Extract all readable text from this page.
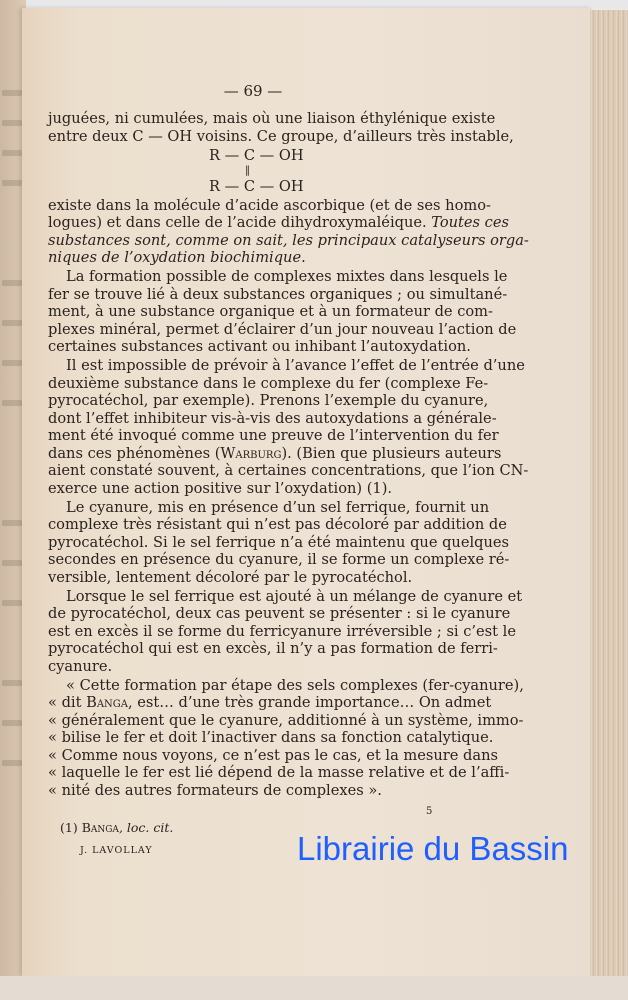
— 69 —
juguées, ni cumulées, mais où une liaison éthylénique existe
entre deux C — OH voisins. Ce groupe, d’ailleurs très instable,
R — C — OH
‖
R — C — OH
existe dans la molécule d’acide ascorbique (et de ses homo-
logues) et dans celle de l’acide dihydroxymaléique. Toutes ces
substances sont, comme on sait, les principaux catalyseurs orga-
niques de l’oxydation biochimique.
La formation possible de complexes mixtes dans lesquels le
fer se trouve lié à deux substances organiques ; ou simultané-
ment, à une substance organique et à un formateur de com-
plexes minéral, permet d’éclairer d’un jour nouveau l’action de
certaines substances activant ou inhibant l’autoxydation.
Il est impossible de prévoir à l’avance l’effet de l’entrée d’une
deuxième substance dans le complexe du fer (complexe Fe-
pyrocatéchol, par exemple). Prenons l’exemple du cyanure,
dont l’effet inhibiteur vis-à-vis des autoxydations a générale-
ment été invoqué comme une preuve de l’intervention du fer
dans ces phénomènes (Warburg). (Bien que plusieurs auteurs
aient constaté souvent, à certaines concentrations, que l’ion CN-
exerce une action positive sur l’oxydation) (1).
Le cyanure, mis en présence d’un sel ferrique, fournit un
complexe très résistant qui n’est pas décoloré par addition de
pyrocatéchol. Si le sel ferrique n’a été maintenu que quelques
secondes en présence du cyanure, il se forme un complexe ré-
versible, lentement décoloré par le pyrocatéchol.
Lorsque le sel ferrique est ajouté à un mélange de cyanure et
de pyrocatéchol, deux cas peuvent se présenter : si le cyanure
est en excès il se forme du ferricyanure irréversible ; si c’est le
pyrocatéchol qui est en excès, il n’y a pas formation de ferri-
cyanure.
« Cette formation par étape des sels complexes (fer-cyanure),
« dit Banga, est… d’une très grande importance… On admet
« généralement que le cyanure, additionné à un système, immo-
« bilise le fer et doit l’inactiver dans sa fonction catalytique.
« Comme nous voyons, ce n’est pas le cas, et la mesure dans
« laquelle le fer est lié dépend de la masse relative et de l’affi-
« nité des autres formateurs de complexes ».
(1) Banga, loc. cit.
J. LAVOLLAY
5
Librairie du Bassin
